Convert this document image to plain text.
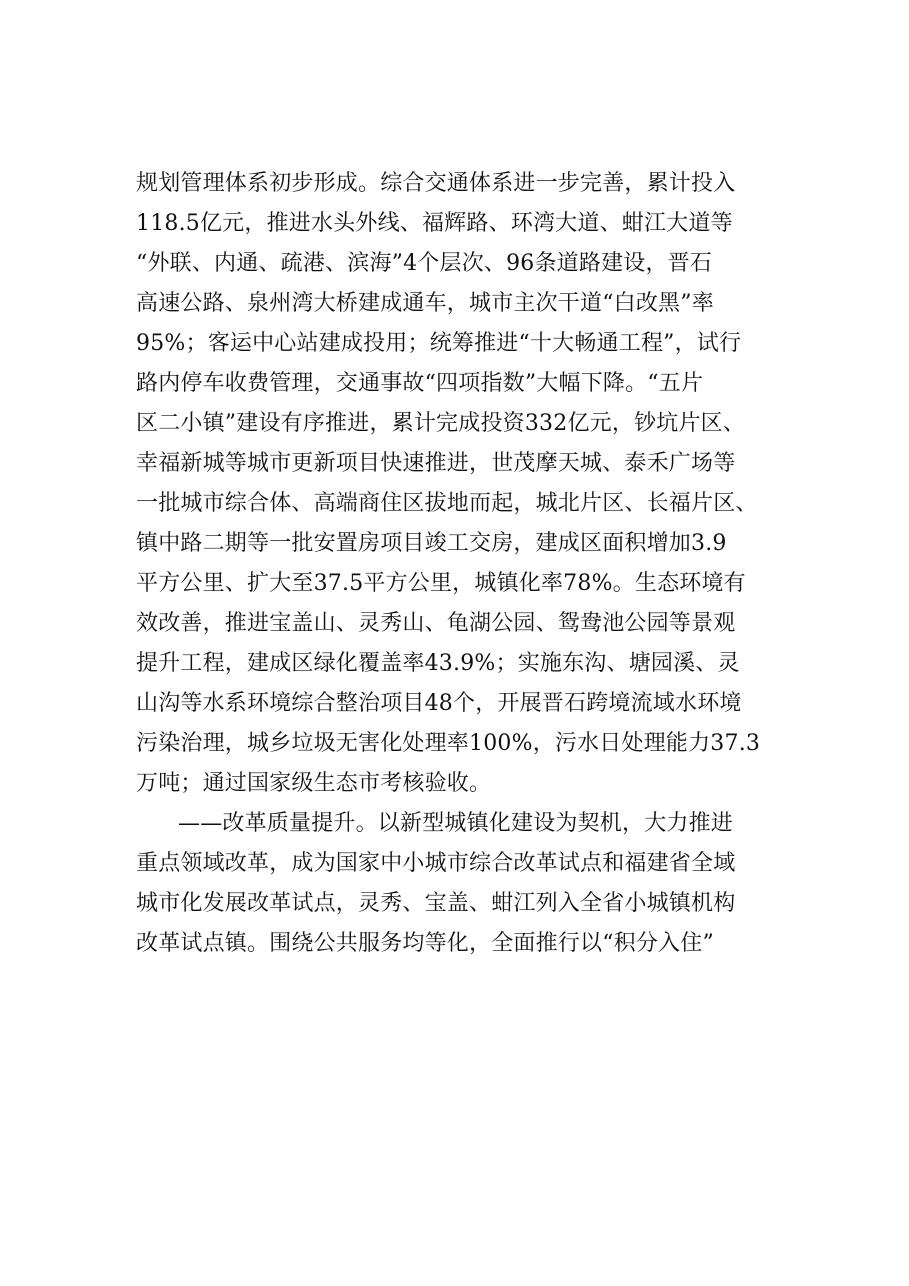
规划管理体系初步形成。综合交通体系进一步完善，累计投入
118.5亿元，推进水头外线、福辉路、环湾大道、蚶江大道等
“外联、内通、疏港、滨海”4个层次、96条道路建设，晋石
高速公路、泉州湾大桥建成通车，城市主次干道“白改黑”率
95%；客运中心站建成投用；统筹推进“十大畅通工程”，试行
路内停车收费管理，交通事故“四项指数”大幅下降。“五片
区二小镇”建设有序推进，累计完成投资332亿元，钞坑片区、
幸福新城等城市更新项目快速推进，世茂摩天城、泰禾广场等
一批城市综合体、高端商住区拔地而起，城北片区、长福片区、
镇中路二期等一批安置房项目竣工交房，建成区面积增加3.9
平方公里、扩大至37.5平方公里，城镇化率78%。生态环境有
效改善，推进宝盖山、灵秀山、龟湖公园、鸳鸯池公园等景观
提升工程，建成区绿化覆盖率43.9%；实施东沟、塘园溪、灵
山沟等水系环境综合整治项目48个，开展晋石跨境流域水环境
污染治理，城乡垃圾无害化处理率100%，污水日处理能力37.3
万吨；通过国家级生态市考核验收。
——改革质量提升。以新型城镇化建设为契机，大力推进
重点领域改革，成为国家中小城市综合改革试点和福建省全域
城市化发展改革试点，灵秀、宝盖、蚶江列入全省小城镇机构
改革试点镇。围绕公共服务均等化，全面推行以“积分入住”
